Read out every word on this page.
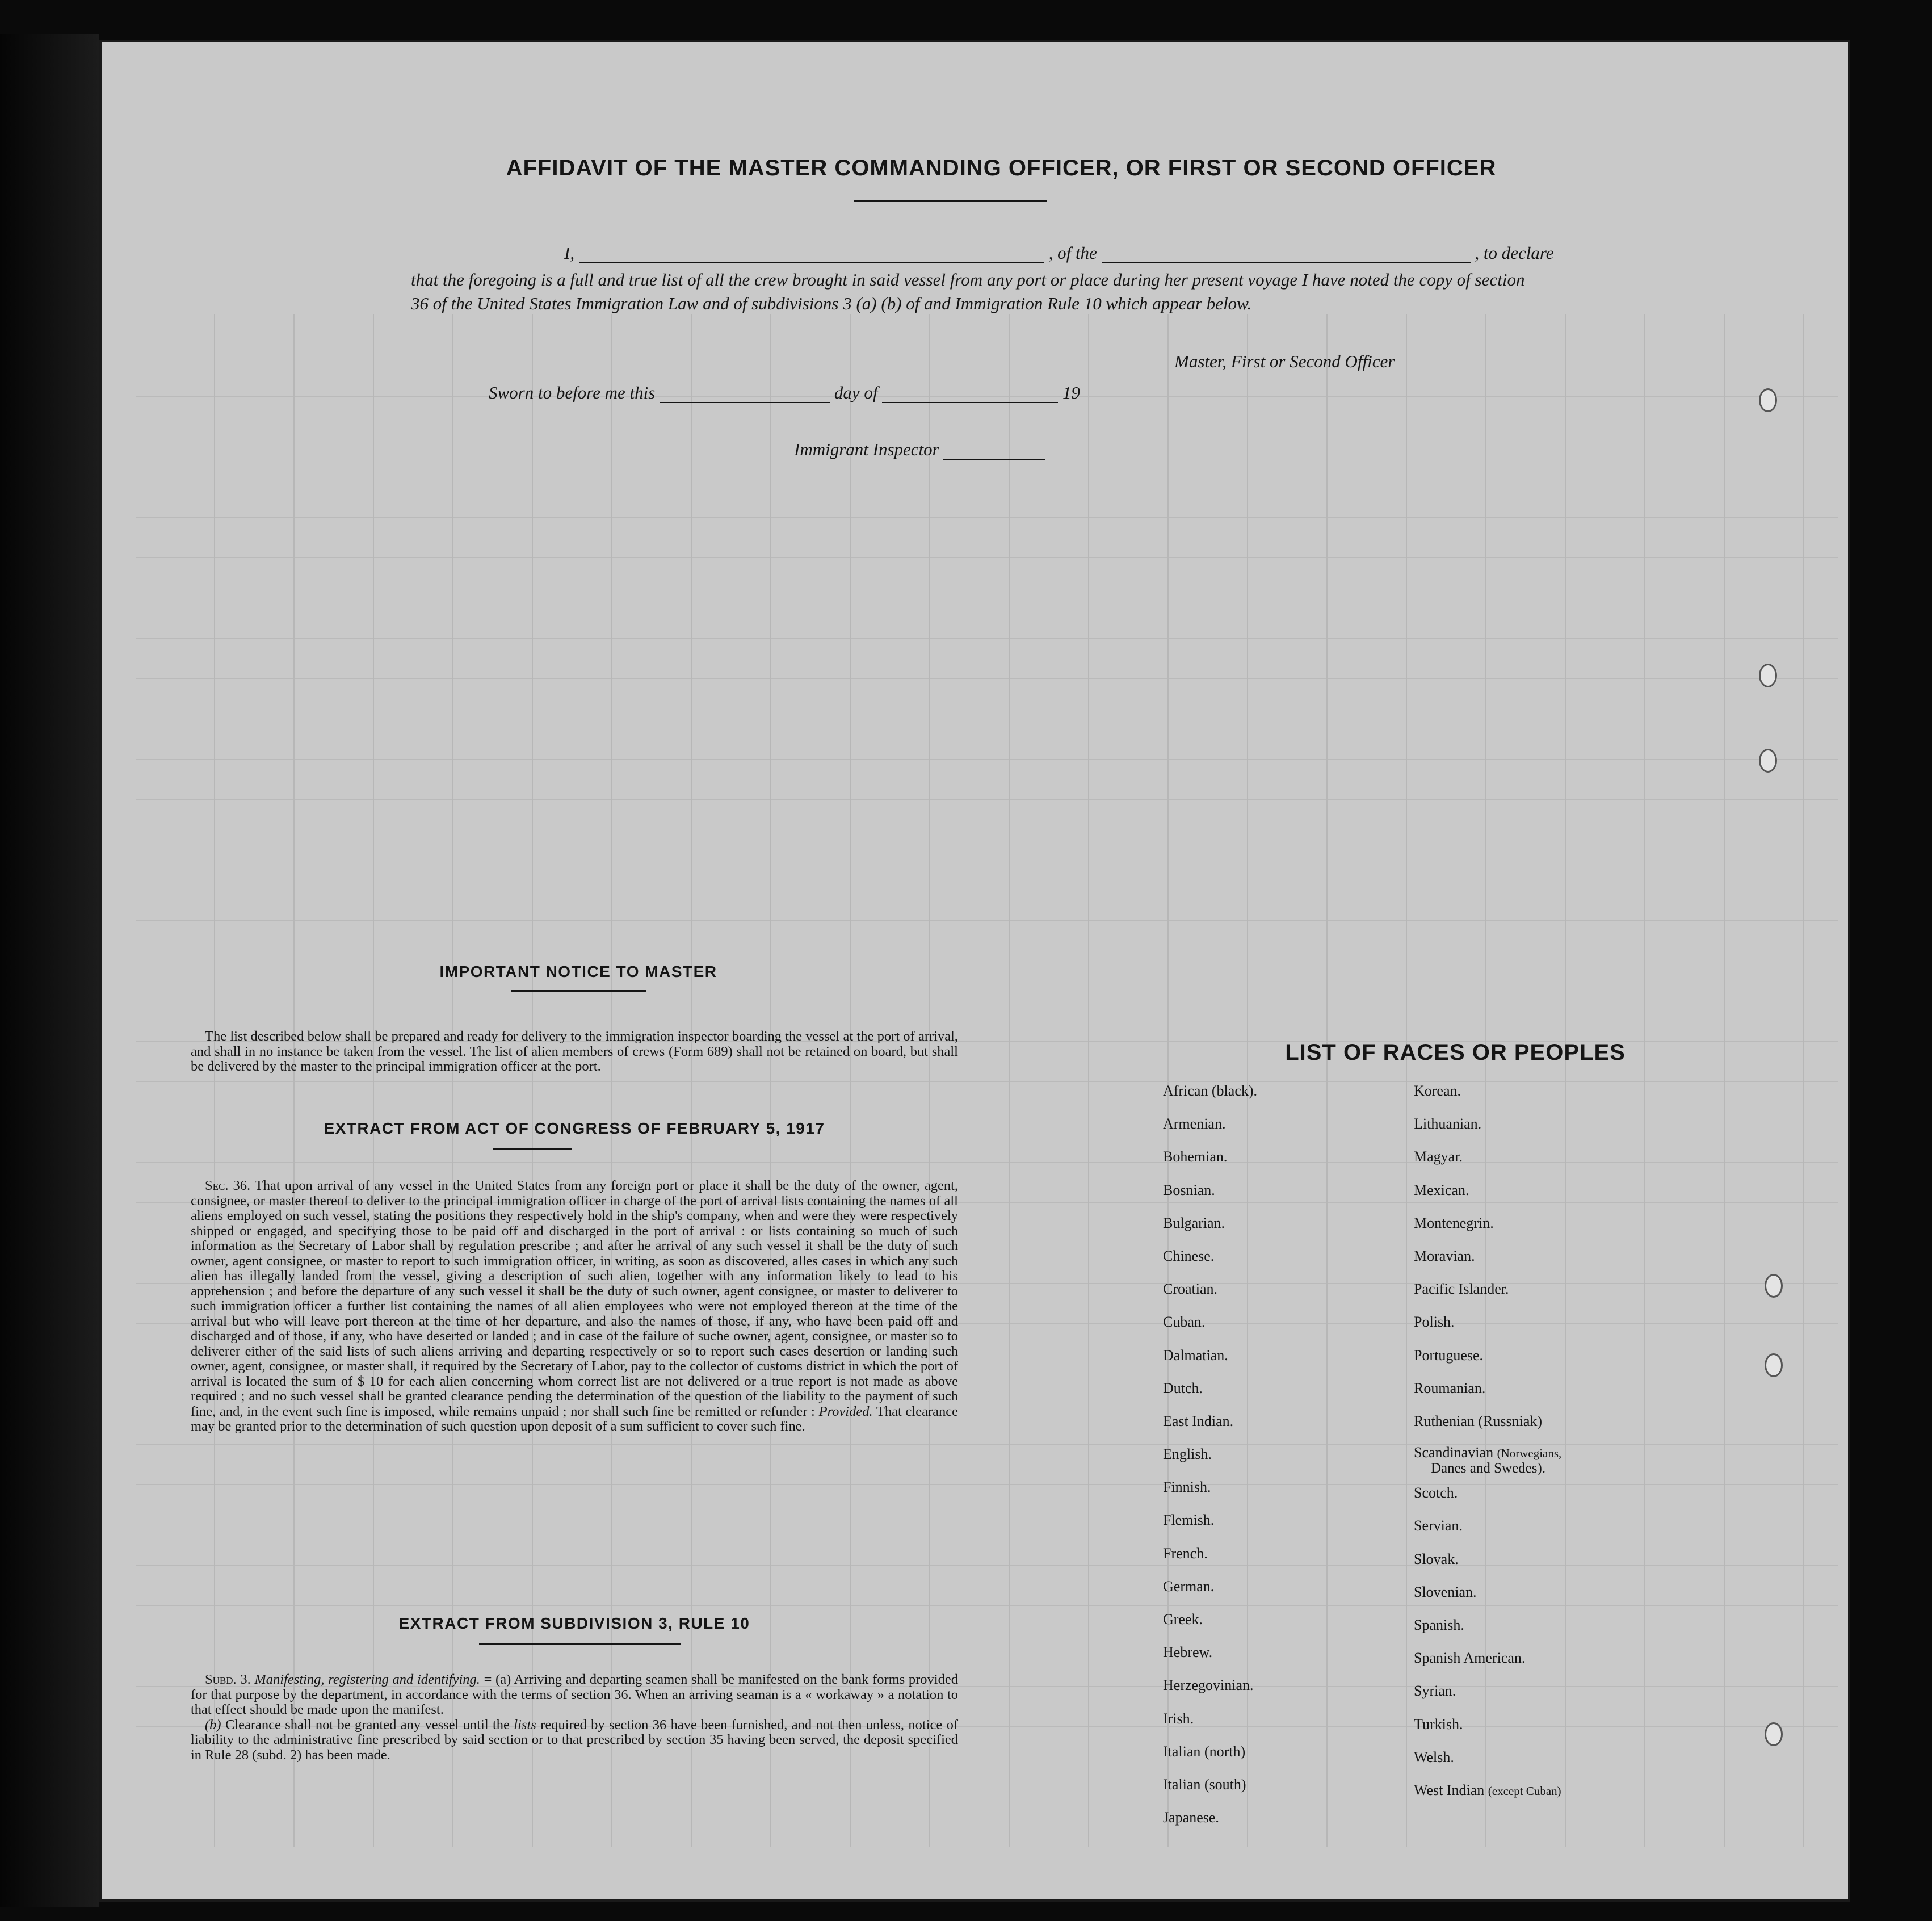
AFFIDAVIT OF THE MASTER COMMANDING OFFICER, OR FIRST OR SECOND OFFICER
I,	, of the	, to declare

that the foregoing is a full and true list of all the crew brought in said vessel from any port or place during her present voyage I have noted the copy of section 36 of the United States Immigration Law and of subdivisions 3 (a) (b) of and Immigration Rule 10 which appear below.

Master, First or Second Officer
Sworn to before me this	day of	19
Immigrant Inspector
IMPORTANT NOTICE TO MASTER

The list described below shall be prepared and ready for delivery to the immigration inspector boarding the vessel at the port of arrival, and shall in no instance be taken from the vessel. The list of alien members of crews (Form 689) shall not be retained on board, but shall be delivered by the master to the principal immigration officer at the port.

EXTRACT FROM ACT OF CONGRESS OF FEBRUARY 5, 1917

Sec. 36. That upon arrival of any vessel in the United States from any foreign port or place it shall be the duty of the owner, agent, consignee, or master thereof to deliver to the principal immigration officer in charge of the port of arrival lists containing the names of all aliens employed on such vessel, stating the positions they respectively hold in the ship's company, when and were they were respectively shipped or engaged, and specifying those to be paid off and discharged in the port of arrival : or lists containing so much of such information as the Secretary of Labor shall by regulation prescribe ; and after he arrival of any such vessel it shall be the duty of such owner, agent consignee, or master to report to such immigration officer, in writing, as soon as discovered, alles cases in which any such alien has illegally landed from the vessel, giving a description of such alien, together with any information likely to lead to his apprehension ; and before the departure of any such vessel it shall be the duty of such owner, agent consignee, or master to deliverer to such immigration officer a further list containing the names of all alien employees who were not employed thereon at the time of the arrival but who will leave port thereon at the time of her departure, and also the names of those, if any, who have been paid off and discharged and of those, if any, who have deserted or landed ; and in case of the failure of suche owner, agent, consignee, or master so to deliverer either of the said lists of such aliens arriving and departing respectively or so to report such cases desertion or landing such owner, agent, consignee, or master shall, if required by the Secretary of Labor, pay to the collector of customs district in which the port of arrival is located the sum of $ 10 for each alien concerning whom correct list are not delivered or a true report is not made as above required ; and no such vessel shall be granted clearance pending the determination of the question of the liability to the payment of such fine, and, in the event such fine is imposed, while remains unpaid ; nor shall such fine be remitted or refunder : Provided. That clearance may be granted prior to the determination of such question upon deposit of a sum sufficient to cover such fine.

EXTRACT FROM SUBDIVISION 3, RULE 10

Subd. 3. Manifesting, registering and identifying. = (a) Arriving and departing seamen shall be manifested on the bank forms provided for that purpose by the department, in accordance with the terms of section 36. When an arriving seaman is a « workaway » a notation to that effect should be made upon the manifest.
(b) Clearance shall not be granted any vessel until the lists required by section 36 have been furnished, and not then unless, notice of liability to the administrative fine prescribed by said section or to that prescribed by section 35 having been served, the deposit specified in Rule 28 (subd. 2) has been made.

LIST OF RACES OR PEOPLES
African (black).
Armenian.
Bohemian.
Bosnian.
Bulgarian.
Chinese.
Croatian.
Cuban.
Dalmatian.
Dutch.
East Indian.
English.
Finnish.
Flemish.
French.
German.
Greek.
Hebrew.
Herzegovinian.
Irish.
Italian (north)
Italian (south)
Japanese.
Korean.
Lithuanian.
Magyar.
Mexican.
Montenegrin.
Moravian.
Pacific Islander.
Polish.
Portuguese.
Roumanian.
Ruthenian (Russniak)
Scandinavian (Norwegians,
Danes and Swedes).
Scotch.
Servian.
Slovak.
Slovenian.
Spanish.
Spanish American.
Syrian.
Turkish.
Welsh.
West Indian (except Cuban)
